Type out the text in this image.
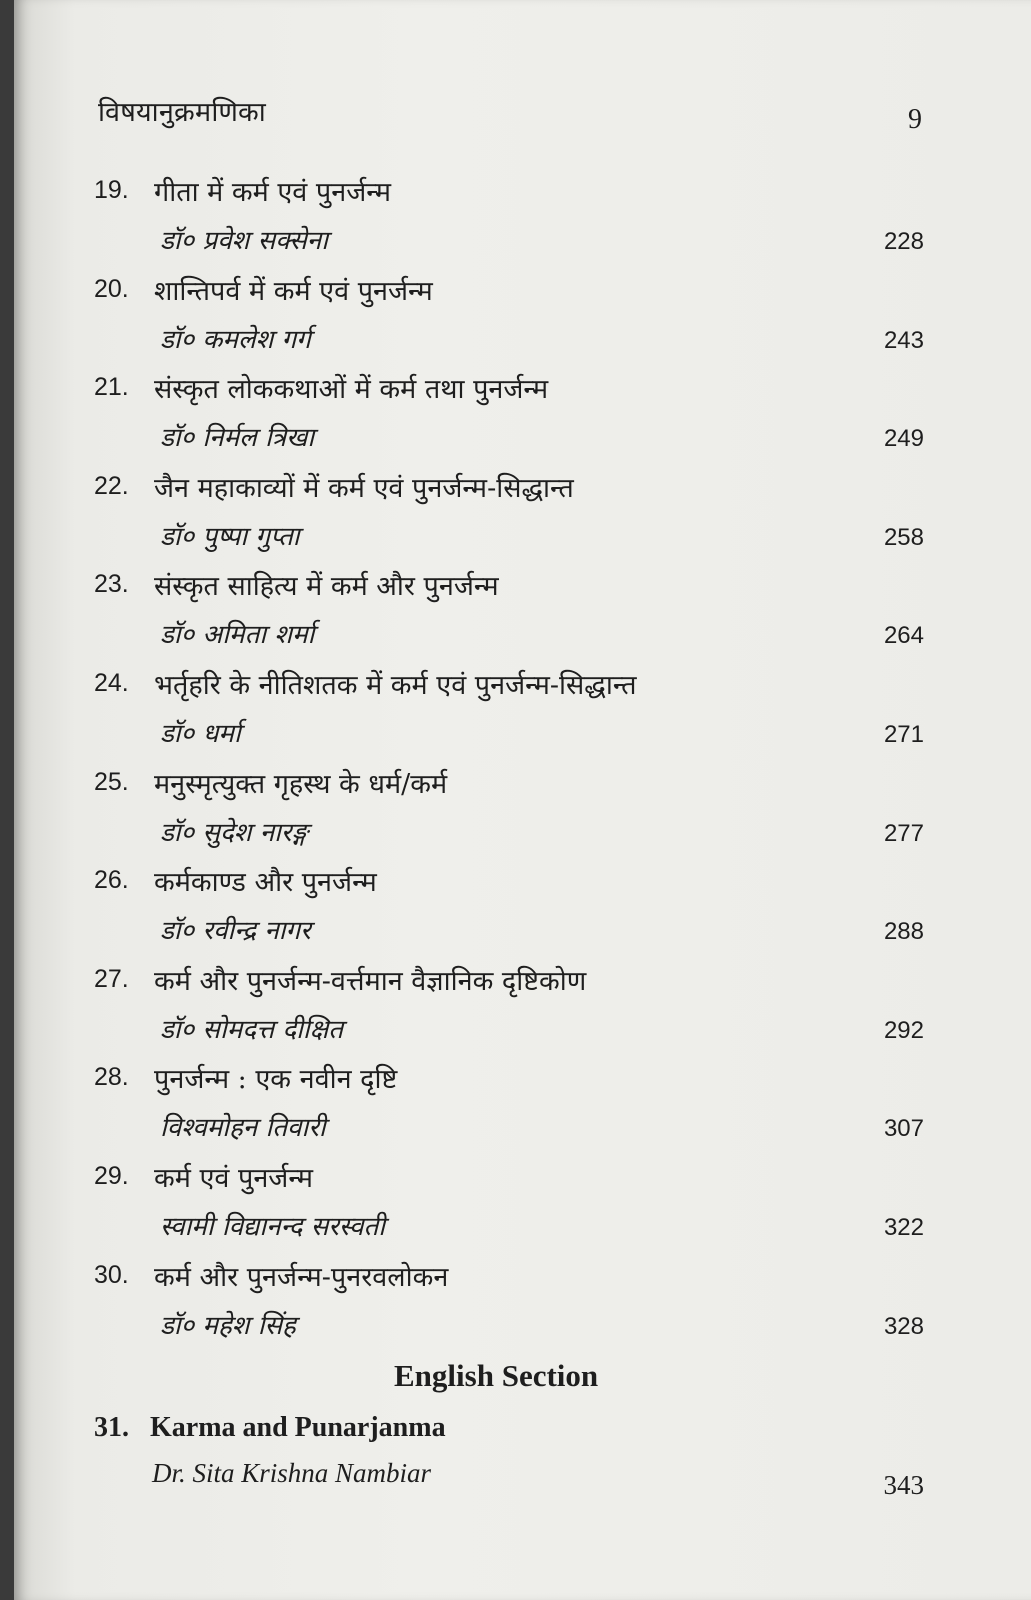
विषयानुक्रमणिका	9
19. गीता में कर्म एवं पुनर्जन्म
डॉ० प्रवेश सक्सेना	228
20. शान्तिपर्व में कर्म एवं पुनर्जन्म
डॉ० कमलेश गर्ग	243
21. संस्कृत लोककथाओं में कर्म तथा पुनर्जन्म
डॉ० निर्मल त्रिखा	249
22. जैन महाकाव्यों में कर्म एवं पुनर्जन्म-सिद्धान्त
डॉ० पुष्पा गुप्ता	258
23. संस्कृत साहित्य में कर्म और पुनर्जन्म
डॉ० अमिता शर्मा	264
24. भर्तृहरि के नीतिशतक में कर्म एवं पुनर्जन्म-सिद्धान्त
डॉ० धर्मा	271
25. मनुस्मृत्युक्त गृहस्थ के धर्म/कर्म
डॉ० सुदेश नारङ्ग	277
26. कर्मकाण्ड और पुनर्जन्म
डॉ० रवीन्द्र नागर	288
27. कर्म और पुनर्जन्म-वर्त्तमान वैज्ञानिक दृष्टिकोण
डॉ० सोमदत्त दीक्षित	292
28. पुनर्जन्म : एक नवीन दृष्टि
विश्वमोहन तिवारी	307
29. कर्म एवं पुनर्जन्म
स्वामी विद्यानन्द सरस्वती	322
30. कर्म और पुनर्जन्म-पुनरवलोकन
डॉ० महेश सिंह	328
English Section
31. Karma and Punarjanma
Dr. Sita Krishna Nambiar	343
